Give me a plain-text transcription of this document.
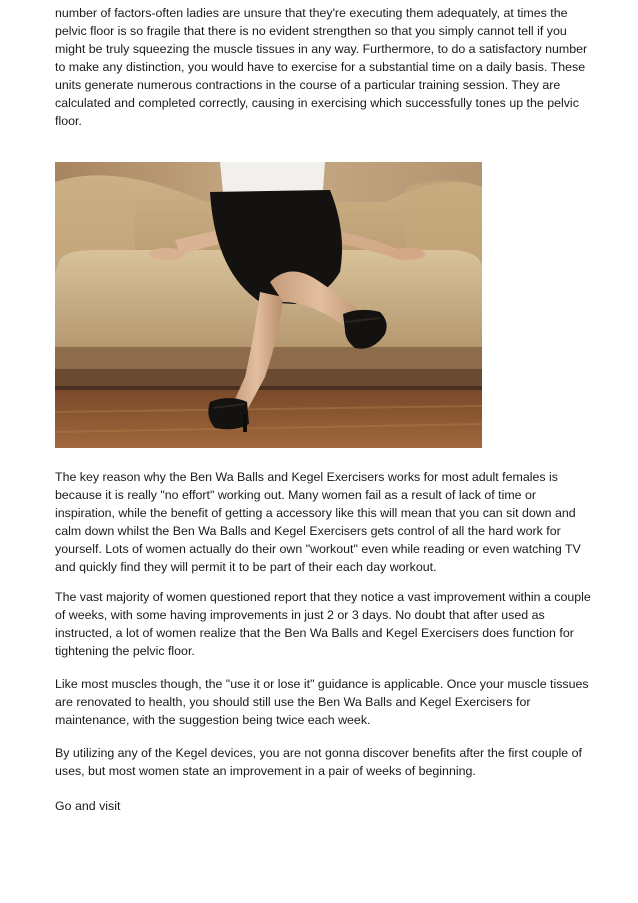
number of factors-often ladies are unsure that they're executing them adequately, at times the pelvic floor is so fragile that there is no evident strengthen so that you simply cannot tell if you might be truly squeezing the muscle tissues in any way. Furthermore, to do a satisfactory number to make any distinction, you would have to exercise for a substantial time on a daily basis. These units generate numerous contractions in the course of a particular training session. They are calculated and completed correctly, causing in exercising which successfully tones up the pelvic floor.

The key reason why the Ben Wa Balls and Kegel Exercisers works for most adult females is because it is really "no effort" working out. Many women fail as a result of lack of time or inspiration, while the benefit of getting a accessory like this will mean that you can sit down and calm down whilst the Ben Wa Balls and Kegel Exercisers gets control of all the hard work for yourself. Lots of women actually do their own "workout" even while reading or even watching TV and quickly find they will permit it to be part of their each day workout.

The vast majority of women questioned report that they notice a vast improvement within a couple of weeks, with some having improvements in just 2 or 3 days. No doubt that after used as instructed, a lot of women realize that the Ben Wa Balls and Kegel Exercisers does function for tightening the pelvic floor.

Like most muscles though, the "use it or lose it" guidance is applicable. Once your muscle tissues are renovated to health, you should still use the Ben Wa Balls and Kegel Exercisers for maintenance, with the suggestion being twice each week.

By utilizing any of the Kegel devices, you are not gonna discover benefits after the first couple of uses, but most women state an improvement in a pair of weeks of beginning.

Go and visit
